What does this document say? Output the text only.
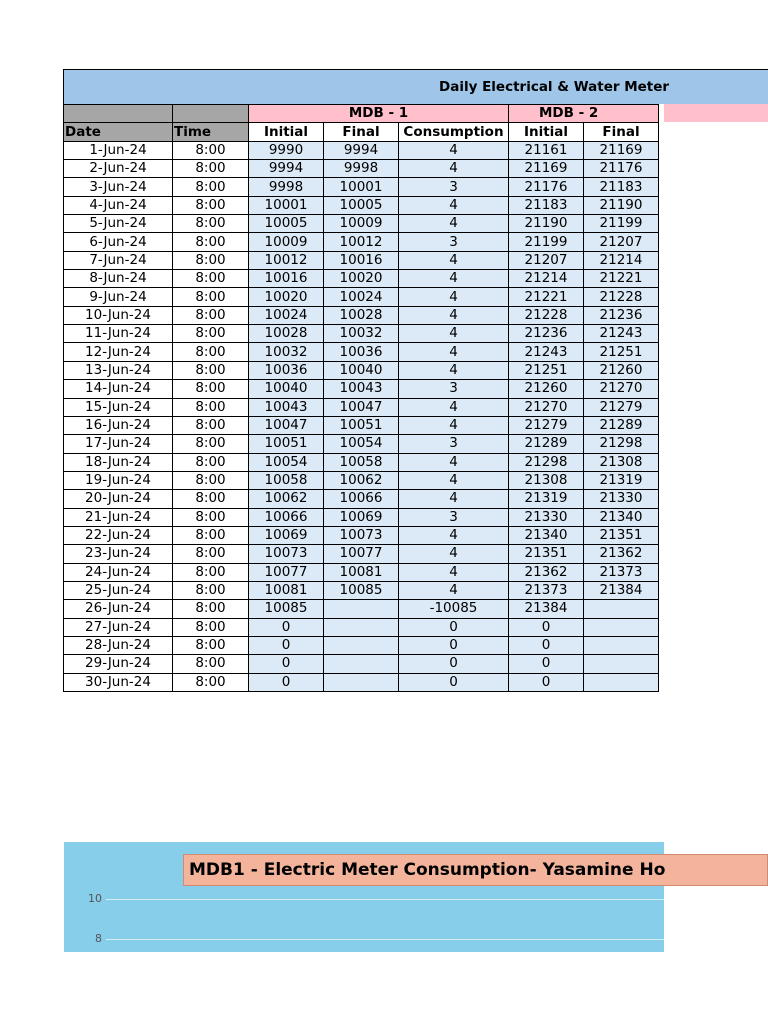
Daily Electrical & Water Meter
		MDB - 1			MDB - 2	
Date	Time	Initial	Final	Consumption	Initial	Final
1-Jun-24	8:00	9990	9994	4	21161	21169
2-Jun-24	8:00	9994	9998	4	21169	21176
3-Jun-24	8:00	9998	10001	3	21176	21183
4-Jun-24	8:00	10001	10005	4	21183	21190
5-Jun-24	8:00	10005	10009	4	21190	21199
6-Jun-24	8:00	10009	10012	3	21199	21207
7-Jun-24	8:00	10012	10016	4	21207	21214
8-Jun-24	8:00	10016	10020	4	21214	21221
9-Jun-24	8:00	10020	10024	4	21221	21228
10-Jun-24	8:00	10024	10028	4	21228	21236
11-Jun-24	8:00	10028	10032	4	21236	21243
12-Jun-24	8:00	10032	10036	4	21243	21251
13-Jun-24	8:00	10036	10040	4	21251	21260
14-Jun-24	8:00	10040	10043	3	21260	21270
15-Jun-24	8:00	10043	10047	4	21270	21279
16-Jun-24	8:00	10047	10051	4	21279	21289
17-Jun-24	8:00	10051	10054	3	21289	21298
18-Jun-24	8:00	10054	10058	4	21298	21308
19-Jun-24	8:00	10058	10062	4	21308	21319
20-Jun-24	8:00	10062	10066	4	21319	21330
21-Jun-24	8:00	10066	10069	3	21330	21340
22-Jun-24	8:00	10069	10073	4	21340	21351
23-Jun-24	8:00	10073	10077	4	21351	21362
24-Jun-24	8:00	10077	10081	4	21362	21373
25-Jun-24	8:00	10081	10085	4	21373	21384
26-Jun-24	8:00	10085		-10085	21384	
27-Jun-24	8:00	0		0	0	
28-Jun-24	8:00	0		0	0	
29-Jun-24	8:00	0		0	0	
30-Jun-24	8:00	0		0	0	
10
8
MDB1 - Electric Meter Consumption- Yasamine Ho
